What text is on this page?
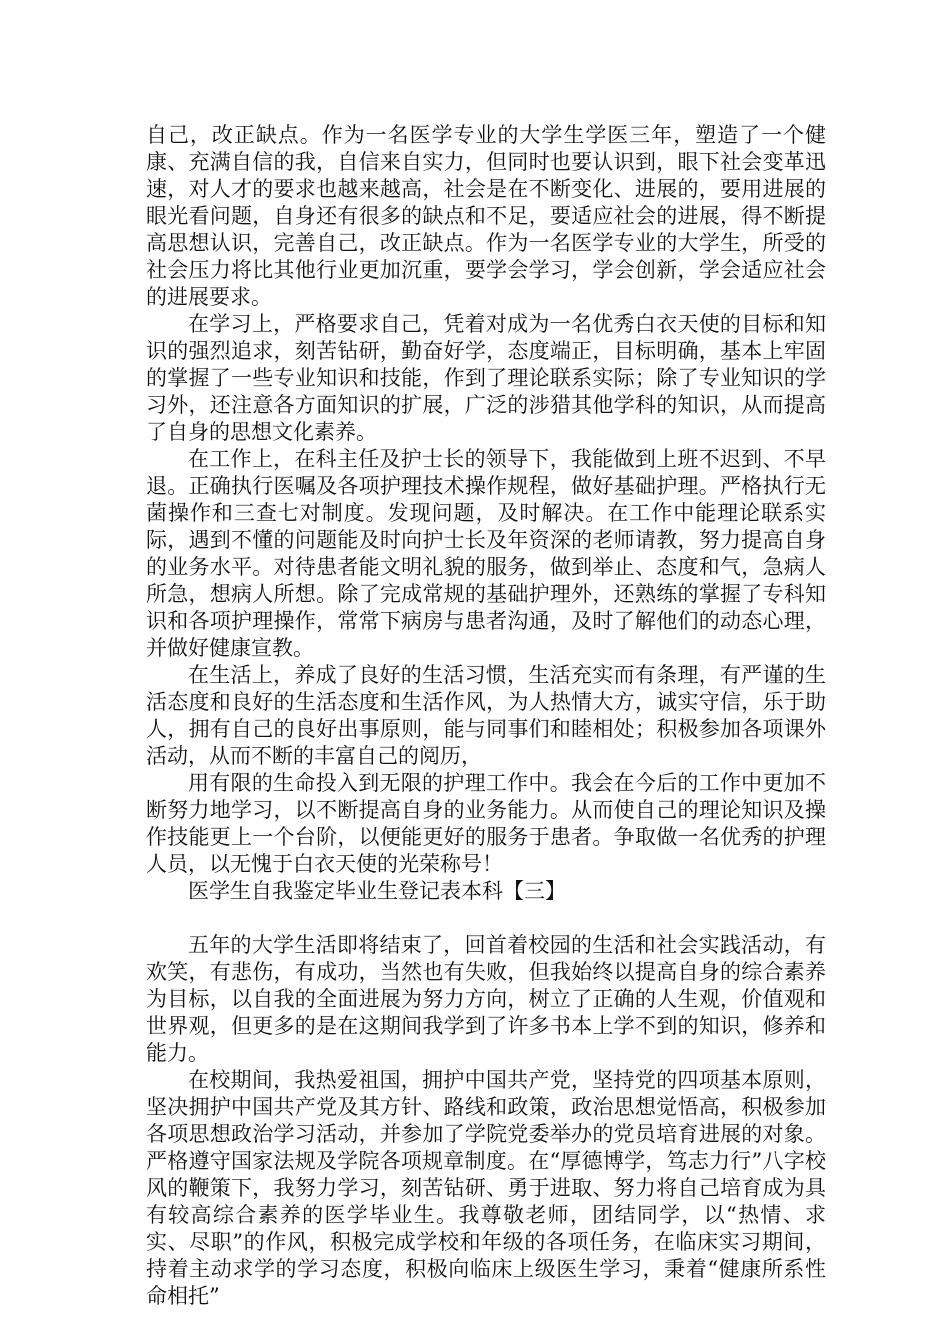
自己，改正缺点。作为一名医学专业的大学生学医三年，塑造了一个健康、充满自信的我，自信来自实力，但同时也要认识到，眼下社会变革迅速，对人才的要求也越来越高，社会是在不断变化、进展的，要用进展的眼光看问题，自身还有很多的缺点和不足，要适应社会的进展，得不断提高思想认识，完善自己，改正缺点。作为一名医学专业的大学生，所受的社会压力将比其他行业更加沉重，要学会学习，学会创新，学会适应社会的进展要求。

在学习上，严格要求自己，凭着对成为一名优秀白衣天使的目标和知识的强烈追求，刻苦钻研，勤奋好学，态度端正，目标明确，基本上牢固的掌握了一些专业知识和技能，作到了理论联系实际；除了专业知识的学习外，还注意各方面知识的扩展，广泛的涉猎其他学科的知识，从而提高了自身的思想文化素养。

在工作上，在科主任及护士长的领导下，我能做到上班不迟到、不早退。正确执行医嘱及各项护理技术操作规程，做好基础护理。严格执行无菌操作和三查七对制度。发现问题，及时解决。在工作中能理论联系实际，遇到不懂的问题能及时向护士长及年资深的老师请教，努力提高自身的业务水平。对待患者能文明礼貌的服务，做到举止、态度和气，急病人所急，想病人所想。除了完成常规的基础护理外，还熟练的掌握了专科知识和各项护理操作，常常下病房与患者沟通，及时了解他们的动态心理，并做好健康宣教。

在生活上，养成了良好的生活习惯，生活充实而有条理，有严谨的生活态度和良好的生活态度和生活作风，为人热情大方，诚实守信，乐于助人，拥有自己的良好出事原则，能与同事们和睦相处；积极参加各项课外活动，从而不断的丰富自己的阅历，

用有限的生命投入到无限的护理工作中。我会在今后的工作中更加不断努力地学习，以不断提高自身的业务能力。从而使自己的理论知识及操作技能更上一个台阶，以便能更好的服务于患者。争取做一名优秀的护理人员，以无愧于白衣天使的光荣称号！

医学生自我鉴定毕业生登记表本科【三】

五年的大学生活即将结束了，回首着校园的生活和社会实践活动，有欢笑，有悲伤，有成功，当然也有失败，但我始终以提高自身的综合素养为目标，以自我的全面进展为努力方向，树立了正确的人生观，价值观和世界观，但更多的是在这期间我学到了许多书本上学不到的知识，修养和能力。

在校期间，我热爱祖国，拥护中国共产党，坚持党的四项基本原则，坚决拥护中国共产党及其方针、路线和政策，政治思想觉悟高，积极参加各项思想政治学习活动，并参加了学院党委举办的党员培育进展的对象。严格遵守国家法规及学院各项规章制度。在“厚德博学，笃志力行”八字校风的鞭策下，我努力学习，刻苦钻研、勇于进取、努力将自己培育成为具有较高综合素养的医学毕业生。我尊敬老师，团结同学，以“热情、求实、尽职”的作风，积极完成学校和年级的各项任务，在临床实习期间，持着主动求学的学习态度，积极向临床上级医生学习，秉着“健康所系性命相托”
